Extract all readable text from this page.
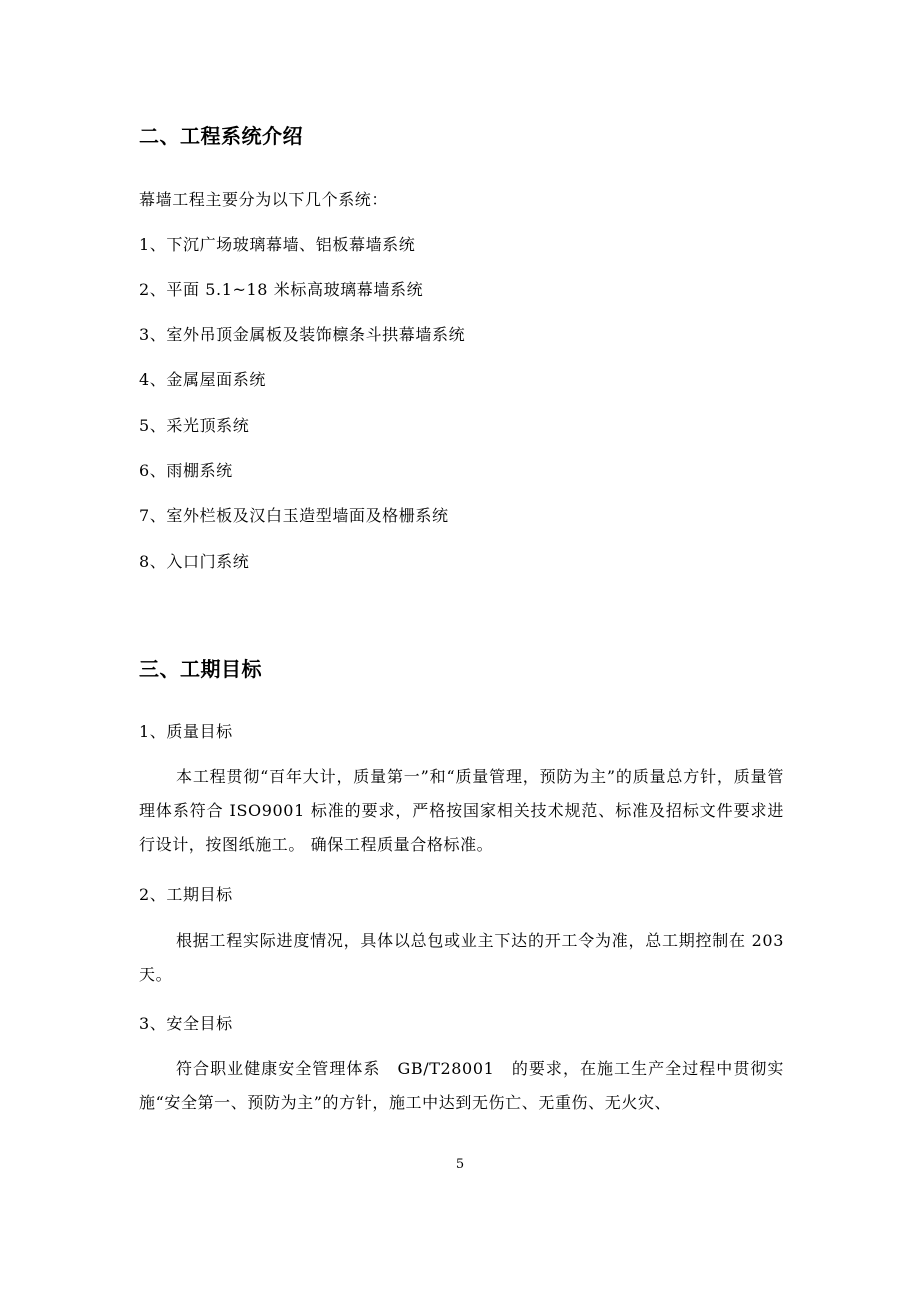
二、工程系统介绍
幕墙工程主要分为以下几个系统：
1、下沉广场玻璃幕墙、铝板幕墙系统
2、平面 5.1~18 米标高玻璃幕墙系统
3、室外吊顶金属板及装饰檩条斗拱幕墙系统
4、金属屋面系统
5、采光顶系统
6、雨棚系统
7、室外栏板及汉白玉造型墙面及格栅系统
8、入口门系统
三、工期目标
1、质量目标
本工程贯彻“百年大计，质量第一”和“质量管理，预防为主”的质量总方针，质量管理体系符合 ISO9001 标准的要求，严格按国家相关技术规范、标准及招标文件要求进行设计，按图纸施工。 确保工程质量合格标准。
2、工期目标
根据工程实际进度情况，具体以总包或业主下达的开工令为准，总工期控制在 203 天。
3、安全目标
符合职业健康安全管理体系　GB/T28001　的要求，在施工生产全过程中贯彻实施“安全第一、预防为主”的方针，施工中达到无伤亡、无重伤、无火灾、
5
